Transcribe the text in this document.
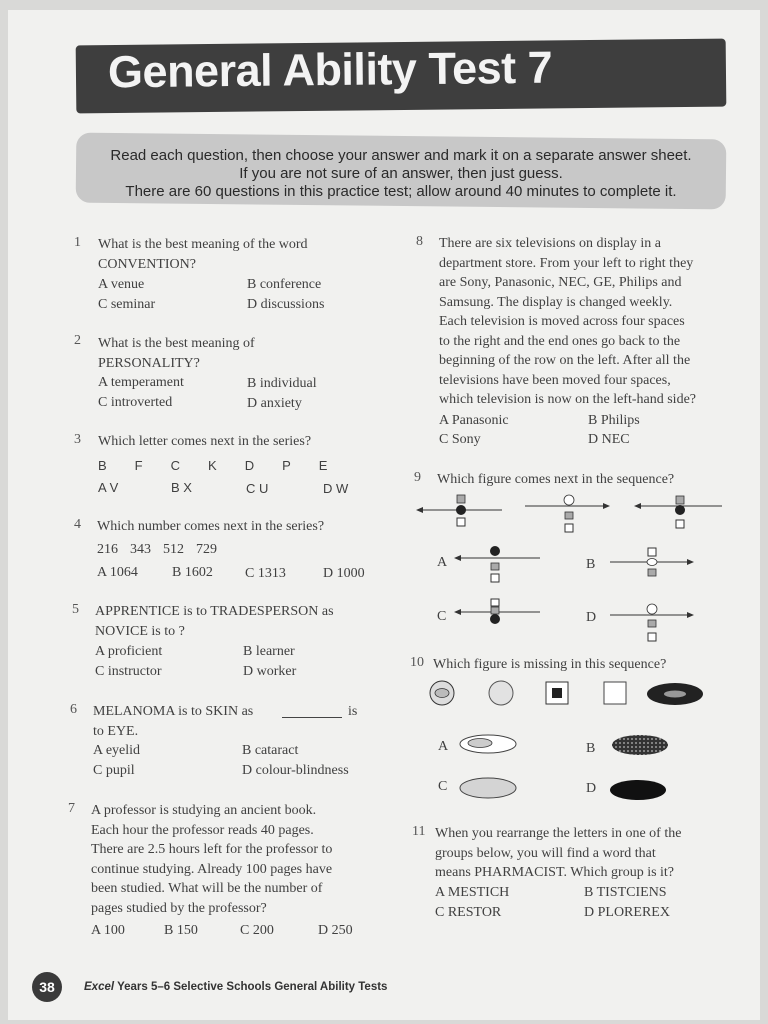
General Ability Test 7
Read each question, then choose your answer and mark it on a separate answer sheet.
If you are not sure of an answer, then just guess.
There are 60 questions in this practice test; allow around 40 minutes to complete it.
1 What is the best meaning of the word
CONVENTION?
A venue	B conference
C seminar	D discussions
2 What is the best meaning of
PERSONALITY?
A temperament	B individual
C introverted	D anxiety
3 Which letter comes next in the series?
B F C K D P E
A V	B X	C U	D W
4 Which number comes next in the series?
216 343 512 729
A 1064 B 1602 C 1313	D 1000
5 APPRENTICE is to TRADESPERSON as
NOVICE is to ?
A proficient	B learner
C instructor	D worker
6 MELANOMA is to SKIN as	is
to EYE.
A eyelid	B cataract
C pupil	D colour-blindness
7 A professor is studying an ancient book.
Each hour the professor reads 40 pages.
There are 2.5 hours left for the professor to
continue studying. Already 100 pages have
been studied. What will be the number of
pages studied by the professor?
A 100	B 150	C 200	D 250
8 There are six televisions on display in a
department store. From your left to right they
are Sony, Panasonic, NEC, GE, Philips and
Samsung. The display is changed weekly.
Each television is moved across four spaces
to the right and the end ones go back to the
beginning of the row on the left. After all the
televisions have been moved four spaces,
which television is now on the left-hand side?
A Panasonic	B Philips
C Sony	D NEC
9 Which figure comes next in the sequence?
A	B
C	D
10 Which figure is missing in this sequence?
A	B
C	D
11 When you rearrange the letters in one of the
groups below, you will find a word that
means PHARMACIST. Which group is it?
A MESTICH	B TISTCIENS
C RESTOR	D PLOREREX
38	Excel Years 5–6 Selective Schools General Ability Tests
